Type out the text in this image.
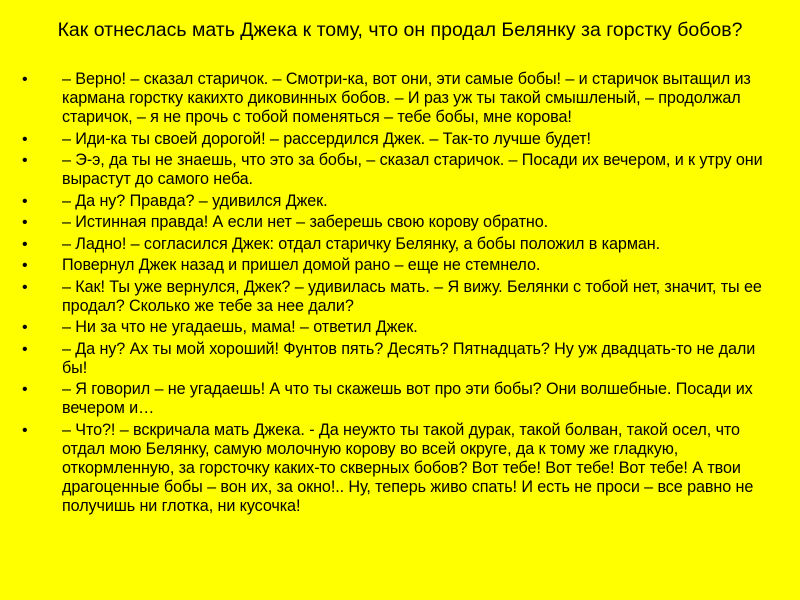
Как отнеслась мать Джека к тому, что он продал Белянку за горстку бобов?
• – Верно! – сказал старичок. – Смотри-ка, вот они, эти самые бобы! – и старичок вытащил из кармана горстку какихто диковинных бобов. – И раз уж ты такой смышленый, – продолжал старичок, – я не прочь с тобой поменяться – тебе бобы, мне корова!
• – Иди-ка ты своей дорогой! – рассердился Джек. – Так-то лучше будет!
• – Э-э, да ты не знаешь, что это за бобы, – сказал старичок. – Посади их вечером, и к утру они вырастут до самого неба.
• – Да ну? Правда? – удивился Джек.
• – Истинная правда! А если нет – заберешь свою корову обратно.
• – Ладно! – согласился Джек: отдал старичку Белянку, а бобы положил в карман.
• Повернул Джек назад и пришел домой рано – еще не стемнело.
• – Как! Ты уже вернулся, Джек? – удивилась мать. – Я вижу. Белянки с тобой нет, значит, ты ее продал? Сколько же тебе за нее дали?
• – Ни за что не угадаешь, мама! – ответил Джек.
• – Да ну? Ах ты мой хороший! Фунтов пять? Десять? Пятнадцать? Ну уж двадцать-то не дали бы!
• – Я говорил – не угадаешь! А что ты скажешь вот про эти бобы? Они волшебные. Посади их вечером и…
• – Что?! – вскричала мать Джека. - Да неужто ты такой дурак, такой болван, такой осел, что отдал мою Белянку, самую молочную корову во всей округе, да к тому же гладкую, откормленную, за горсточку каких-то скверных бобов? Вот тебе! Вот тебе! Вот тебе! А твои драгоценные бобы – вон их, за окно!.. Ну, теперь живо спать! И есть не проси – все равно не получишь ни глотка, ни кусочка!
